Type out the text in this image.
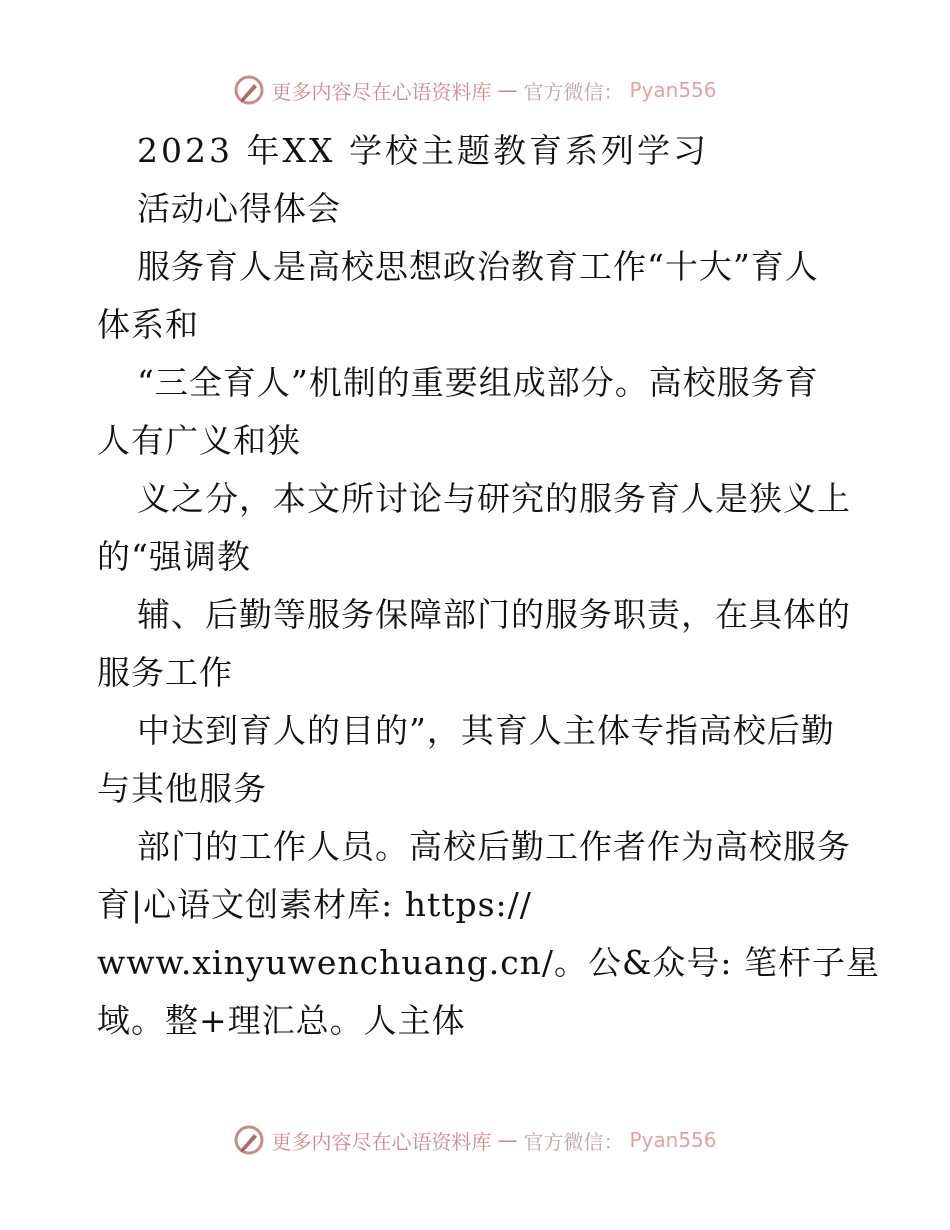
更多内容尽在心语资料库 — 官方微信： Pyan556
2023 年XX 学校主题教育系列学习
活动心得体会
服务育人是高校思想政治教育工作“十大”育人
体系和
“三全育人”机制的重要组成部分。高校服务育
人有广义和狭
义之分，本文所讨论与研究的服务育人是狭义上
的“强调教
辅、后勤等服务保障部门的服务职责，在具体的
服务工作
中达到育人的目的”，其育人主体专指高校后勤
与其他服务
部门的工作人员。高校后勤工作者作为高校服务
育|心语文创素材库: https://
www.xinyuwenchuang.cn/。公&众号: 笔杆子星
域。整+理汇总。人主体
更多内容尽在心语资料库 — 官方微信： Pyan556
